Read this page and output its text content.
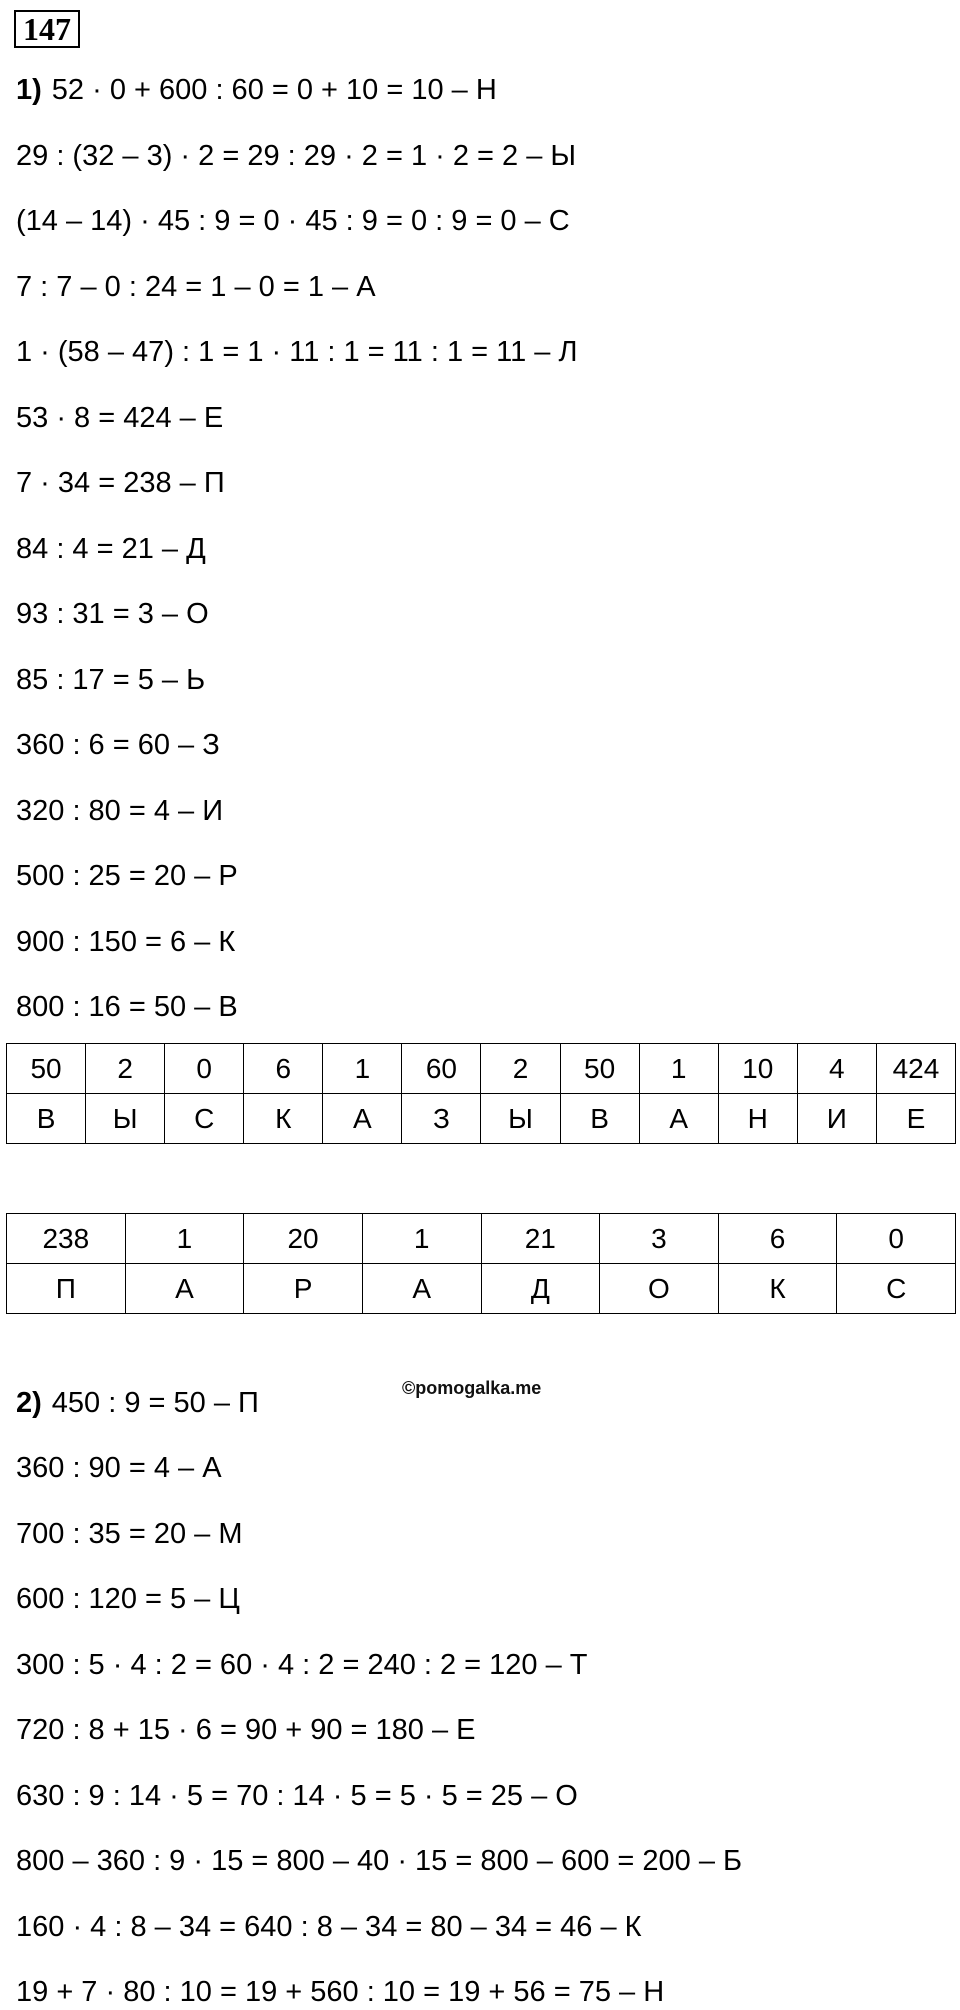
147
1) 52 · 0 + 600 : 60 = 0 + 10 = 10 – Н
29 : (32 – 3) · 2 = 29 : 29 · 2 = 1 · 2 = 2 – Ы
(14 – 14) · 45 : 9 = 0 · 45 : 9 = 0 : 9 = 0 – С
7 : 7 – 0 : 24 = 1 – 0 = 1 – А
1 · (58 – 47) : 1 = 1 · 11 : 1 = 11 : 1 = 11 – Л
53 · 8 = 424 – Е
7 · 34 = 238 – П
84 : 4 = 21 – Д
93 : 31 = 3 – О
85 : 17 = 5 – Ь
360 : 6 = 60 – З
320 : 80 = 4 – И
500 : 25 = 20 – Р
900 : 150 = 6 – К
800 : 16 = 50 – В
50	2	0	6	1	60	2	50	1	10	4	424
В	Ы	С	К	А	З	Ы	В	А	Н	И	Е
238	1	20	1	21	3	6	0
П	А	Р	А	Д	О	К	С
©pomogalka.me
2) 450 : 9 = 50 – П
360 : 90 = 4 – А
700 : 35 = 20 – М
600 : 120 = 5 – Ц
300 : 5 · 4 : 2 = 60 · 4 : 2 = 240 : 2 = 120 – Т
720 : 8 + 15 · 6 = 90 + 90 = 180 – Е
630 : 9 : 14 · 5 = 70 : 14 · 5 = 5 · 5 = 25 – О
800 – 360 : 9 · 15 = 800 – 40 · 15 = 800 – 600 = 200 – Б
160 · 4 : 8 – 34 = 640 : 8 – 34 = 80 – 34 = 46 – К
19 + 7 · 80 : 10 = 19 + 560 : 10 = 19 + 56 = 75 – Н
